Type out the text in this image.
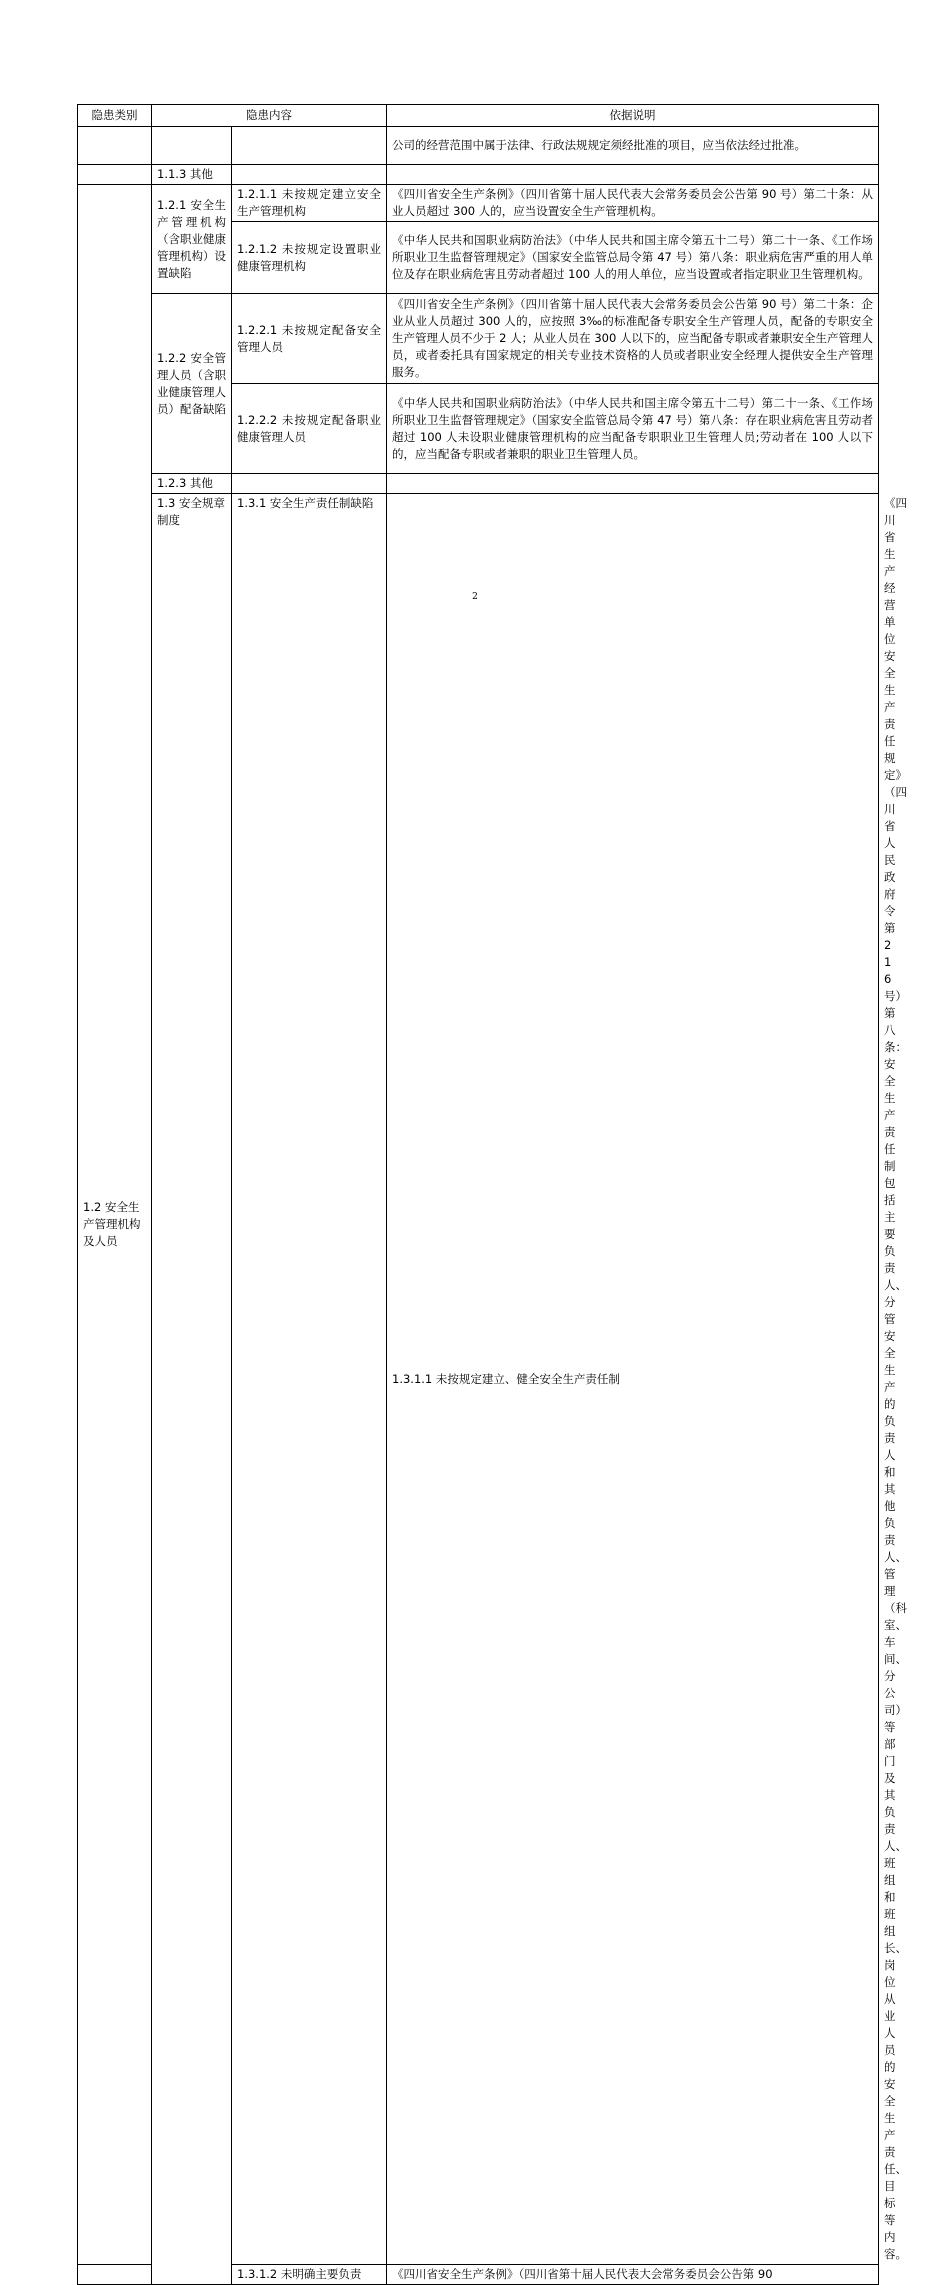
隐患类别	隐患内容		依据说明	
			公司的经营范围中属于法律、行政法规规定须经批准的项目，应当依法经过批准。	
	1.1.3 其他			
1.2 安全生产管理机构及人员	1.2.1 安全生产管理机构（含职业健康管理机构）设置缺陷	1.2.1.1 未按规定建立安全生产管理机构	《四川省安全生产条例》（四川省第十届人民代表大会常务委员会公告第 90 号）第二十条：从业人员超过 300 人的，应当设置安全生产管理机构。	
		1.2.1.2 未按规定设置职业健康管理机构	《中华人民共和国职业病防治法》（中华人民共和国主席令第五十二号）第二十一条、《工作场所职业卫生监督管理规定》（国家安全监管总局令第 47 号）第八条：职业病危害严重的用人单位及存在职业病危害且劳动者超过 100 人的用人单位，应当设置或者指定职业卫生管理机构。	
	1.2.2 安全管理人员（含职业健康管理人员）配备缺陷	1.2.2.1 未按规定配备安全管理人员	《四川省安全生产条例》（四川省第十届人民代表大会常务委员会公告第 90 号）第二十条：企业从业人员超过 300 人的，应按照 3‰的标准配备专职安全生产管理人员，配备的专职安全生产管理人员不少于 2 人；从业人员在 300 人以下的，应当配备专职或者兼职安全生产管理人员，或者委托具有国家规定的相关专业技术资格的人员或者职业安全经理人提供安全生产管理服务。	
		1.2.2.2 未按规定配备职业健康管理人员	《中华人民共和国职业病防治法》（中华人民共和国主席令第五十二号）第二十一条、《工作场所职业卫生监督管理规定》（国家安全监管总局令第 47 号）第八条：存在职业病危害且劳动者超过 100 人未设职业健康管理机构的应当配备专职职业卫生管理人员;劳动者在 100 人以下的，应当配备专职或者兼职的职业卫生管理人员。	
	1.2.3 其他			
	1.3 安全规章制度	1.3.1 安全生产责任制缺陷	1.3.1.1 未按规定建立、健全安全生产责任制	《四川省生产经营单位安全生产责任规定》（四川省人民政府令第 216 号）第八条：安全生产责任制包括主要负责人、分管安全生产的负责人和其他负责人、管理（科室、车间、分公司）等部门及其负责人、班组和班组长、岗位从业人员的安全生产责任、目标等内容。
		1.3.1.2 未明确主要负责	《四川省安全生产条例》（四川省第十届人民代表大会常务委员会公告第 90	
2
